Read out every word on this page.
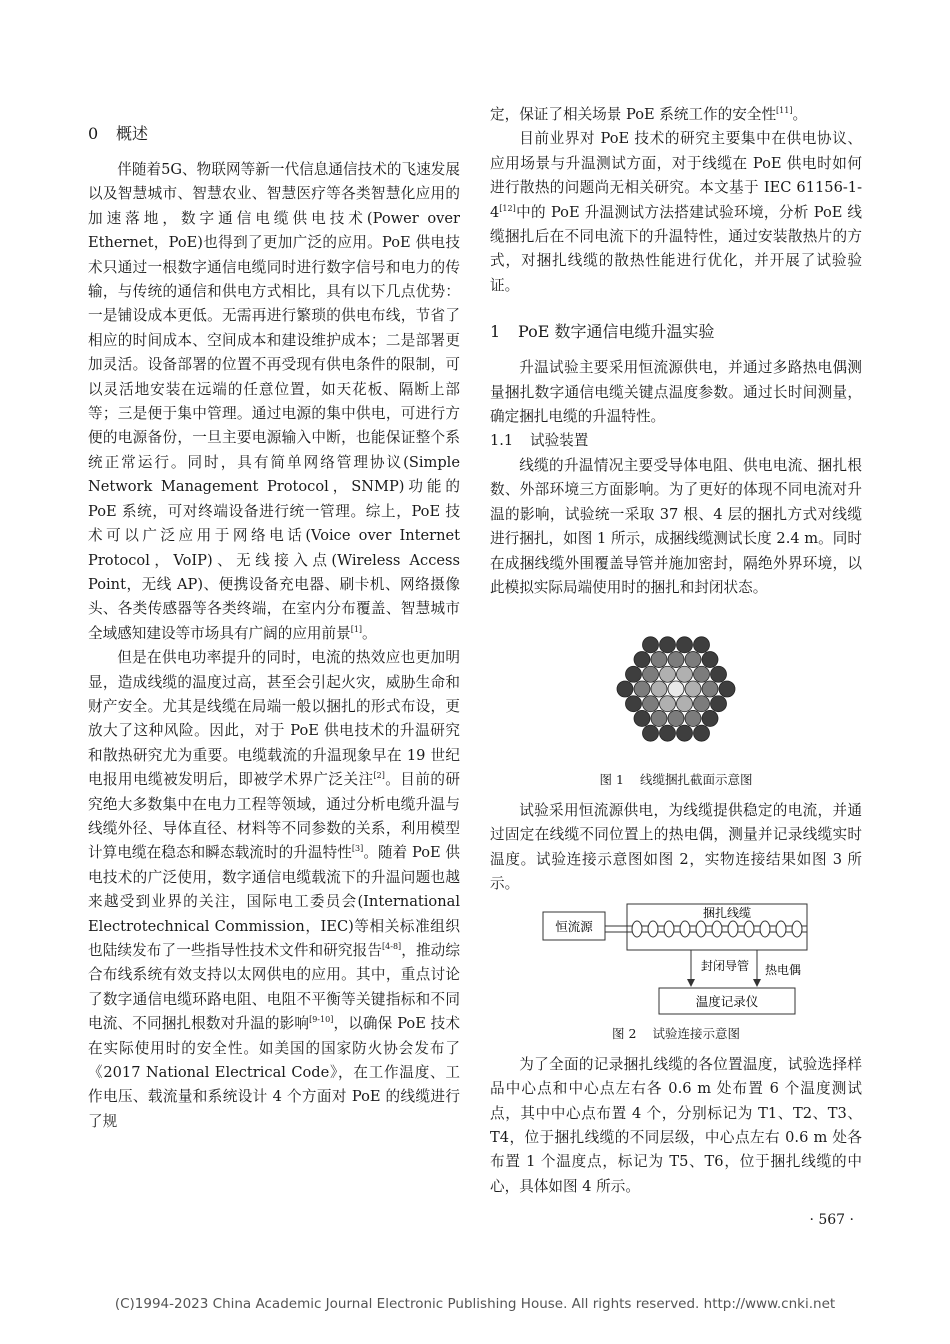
0 概述

伴随着5G、物联网等新一代信息通信技术的飞速发展以及智慧城市、智慧农业、智慧医疗等各类智慧化应用的加速落地，数字通信电缆供电技术(Power over Ethernet，PoE)也得到了更加广泛的应用。PoE 供电技术只通过一根数字通信电缆同时进行数字信号和电力的传输，与传统的通信和供电方式相比，具有以下几点优势：一是铺设成本更低。无需再进行繁琐的供电布线，节省了相应的时间成本、空间成本和建设维护成本；二是部署更加灵活。设备部署的位置不再受现有供电条件的限制，可以灵活地安装在远端的任意位置，如天花板、隔断上部等；三是便于集中管理。通过电源的集中供电，可进行方便的电源备份，一旦主要电源输入中断，也能保证整个系统正常运行。同时，具有简单网络管理协议(Simple Network Management Protocol，SNMP)功能的 PoE 系统，可对终端设备进行统一管理。综上，PoE 技术可以广泛应用于网络电话(Voice over Internet Protocol，VoIP)、无线接入点(Wireless Access Point，无线 AP)、便携设备充电器、刷卡机、网络摄像头、各类传感器等各类终端，在室内分布覆盖、智慧城市全域感知建设等市场具有广阔的应用前景[1]。

但是在供电功率提升的同时，电流的热效应也更加明显，造成线缆的温度过高，甚至会引起火灾，威胁生命和财产安全。尤其是线缆在局端一般以捆扎的形式布设，更放大了这种风险。因此，对于 PoE 供电技术的升温研究和散热研究尤为重要。电缆载流的升温现象早在 19 世纪电报用电缆被发明后，即被学术界广泛关注[2]。目前的研究绝大多数集中在电力工程等领域，通过分析电缆升温与线缆外径、导体直径、材料等不同参数的关系，利用模型计算电缆在稳态和瞬态载流时的升温特性[3]。随着 PoE 供电技术的广泛使用，数字通信电缆载流下的升温问题也越来越受到业界的关注，国际电工委员会(International Electrotechnical Commission，IEC)等相关标准组织也陆续发布了一些指导性技术文件和研究报告[4-8]，推动综合布线系统有效支持以太网供电的应用。其中，重点讨论了数字通信电缆环路电阻、电阻不平衡等关键指标和不同电流、不同捆扎根数对升温的影响[9-10]，以确保 PoE 技术在实际使用时的安全性。如美国的国家防火协会发布了《2017 National Electrical Code》，在工作温度、工作电压、载流量和系统设计 4 个方面对 PoE 的线缆进行了规

定，保证了相关场景 PoE 系统工作的安全性[11]。

目前业界对 PoE 技术的研究主要集中在供电协议、应用场景与升温测试方面，对于线缆在 PoE 供电时如何进行散热的问题尚无相关研究。本文基于 IEC 61156-1-4[12]中的 PoE 升温测试方法搭建试验环境，分析 PoE 线缆捆扎后在不同电流下的升温特性，通过安装散热片的方式，对捆扎线缆的散热性能进行优化，并开展了试验验证。

1 PoE 数字通信电缆升温实验

升温试验主要采用恒流源供电，并通过多路热电偶测量捆扎数字通信电缆关键点温度参数。通过长时间测量，确定捆扎电缆的升温特性。

1.1 试验装置

线缆的升温情况主要受导体电阻、供电电流、捆扎根数、外部环境三方面影响。为了更好的体现不同电流对升温的影响，试验统一采取 37 根、4 层的捆扎方式对线缆进行捆扎，如图 1 所示，成捆线缆测试长度 2.4 m。同时在成捆线缆外围覆盖导管并施加密封，隔绝外界环境，以此模拟实际局端使用时的捆扎和封闭状态。

图 1 线缆捆扎截面示意图

试验采用恒流源供电，为线缆提供稳定的电流，并通过固定在线缆不同位置上的热电偶，测量并记录线缆实时温度。试验连接示意图如图 2，实物连接结果如图 3 所示。

恒流源
捆扎线缆
封闭导管 热电偶
温度记录仪
图 2 试验连接示意图

为了全面的记录捆扎线缆的各位置温度，试验选择样品中心点和中心点左右各 0.6 m 处布置 6 个温度测试点，其中中心点布置 4 个，分别标记为 T1、T2、T3、T4，位于捆扎线缆的不同层级，中心点左右 0.6 m 处各布置 1 个温度点，标记为 T5、T6，位于捆扎线缆的中心，具体如图 4 所示。

· 567 ·
(C)1994-2023 China Academic Journal Electronic Publishing House. All rights reserved. http://www.cnki.net
